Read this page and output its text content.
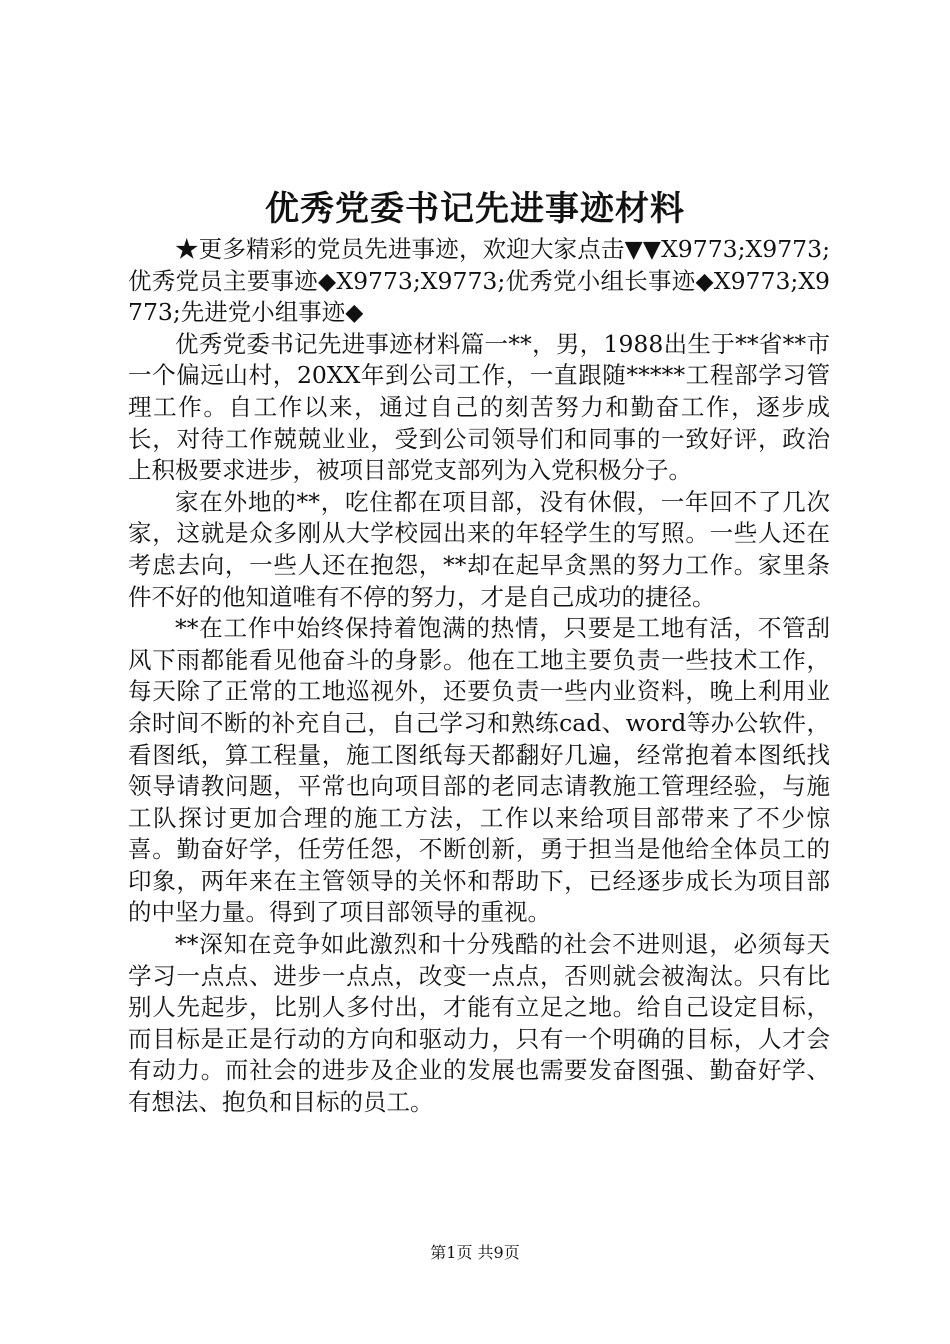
优秀党委书记先进事迹材料

★更多精彩的党员先进事迹，欢迎大家点击▼▼X9773;X9773;优秀党员主要事迹◆X9773;X9773;优秀党小组长事迹◆X9773;X9773;先进党小组事迹◆

优秀党委书记先进事迹材料篇一**，男，1988出生于**省**市一个偏远山村，20XX年到公司工作，一直跟随*****工程部学习管理工作。自工作以来，通过自己的刻苦努力和勤奋工作，逐步成长，对待工作兢兢业业，受到公司领导们和同事的一致好评，政治上积极要求进步，被项目部党支部列为入党积极分子。

家在外地的**，吃住都在项目部，没有休假，一年回不了几次家，这就是众多刚从大学校园出来的年轻学生的写照。一些人还在考虑去向，一些人还在抱怨，**却在起早贪黑的努力工作。家里条件不好的他知道唯有不停的努力，才是自己成功的捷径。

**在工作中始终保持着饱满的热情，只要是工地有活，不管刮风下雨都能看见他奋斗的身影。他在工地主要负责一些技术工作，每天除了正常的工地巡视外，还要负责一些内业资料，晚上利用业余时间不断的补充自己，自己学习和熟练cad、word等办公软件，看图纸，算工程量，施工图纸每天都翻好几遍，经常抱着本图纸找领导请教问题，平常也向项目部的老同志请教施工管理经验，与施工队探讨更加合理的施工方法，工作以来给项目部带来了不少惊喜。勤奋好学，任劳任怨，不断创新，勇于担当是他给全体员工的印象，两年来在主管领导的关怀和帮助下，已经逐步成长为项目部的中坚力量。得到了项目部领导的重视。

**深知在竞争如此激烈和十分残酷的社会不进则退，必须每天学习一点点、进步一点点，改变一点点，否则就会被淘汰。只有比别人先起步，比别人多付出，才能有立足之地。给自己设定目标，而目标是正是行动的方向和驱动力，只有一个明确的目标，人才会有动力。而社会的进步及企业的发展也需要发奋图强、勤奋好学、有想法、抱负和目标的员工。

第1页 共9页
